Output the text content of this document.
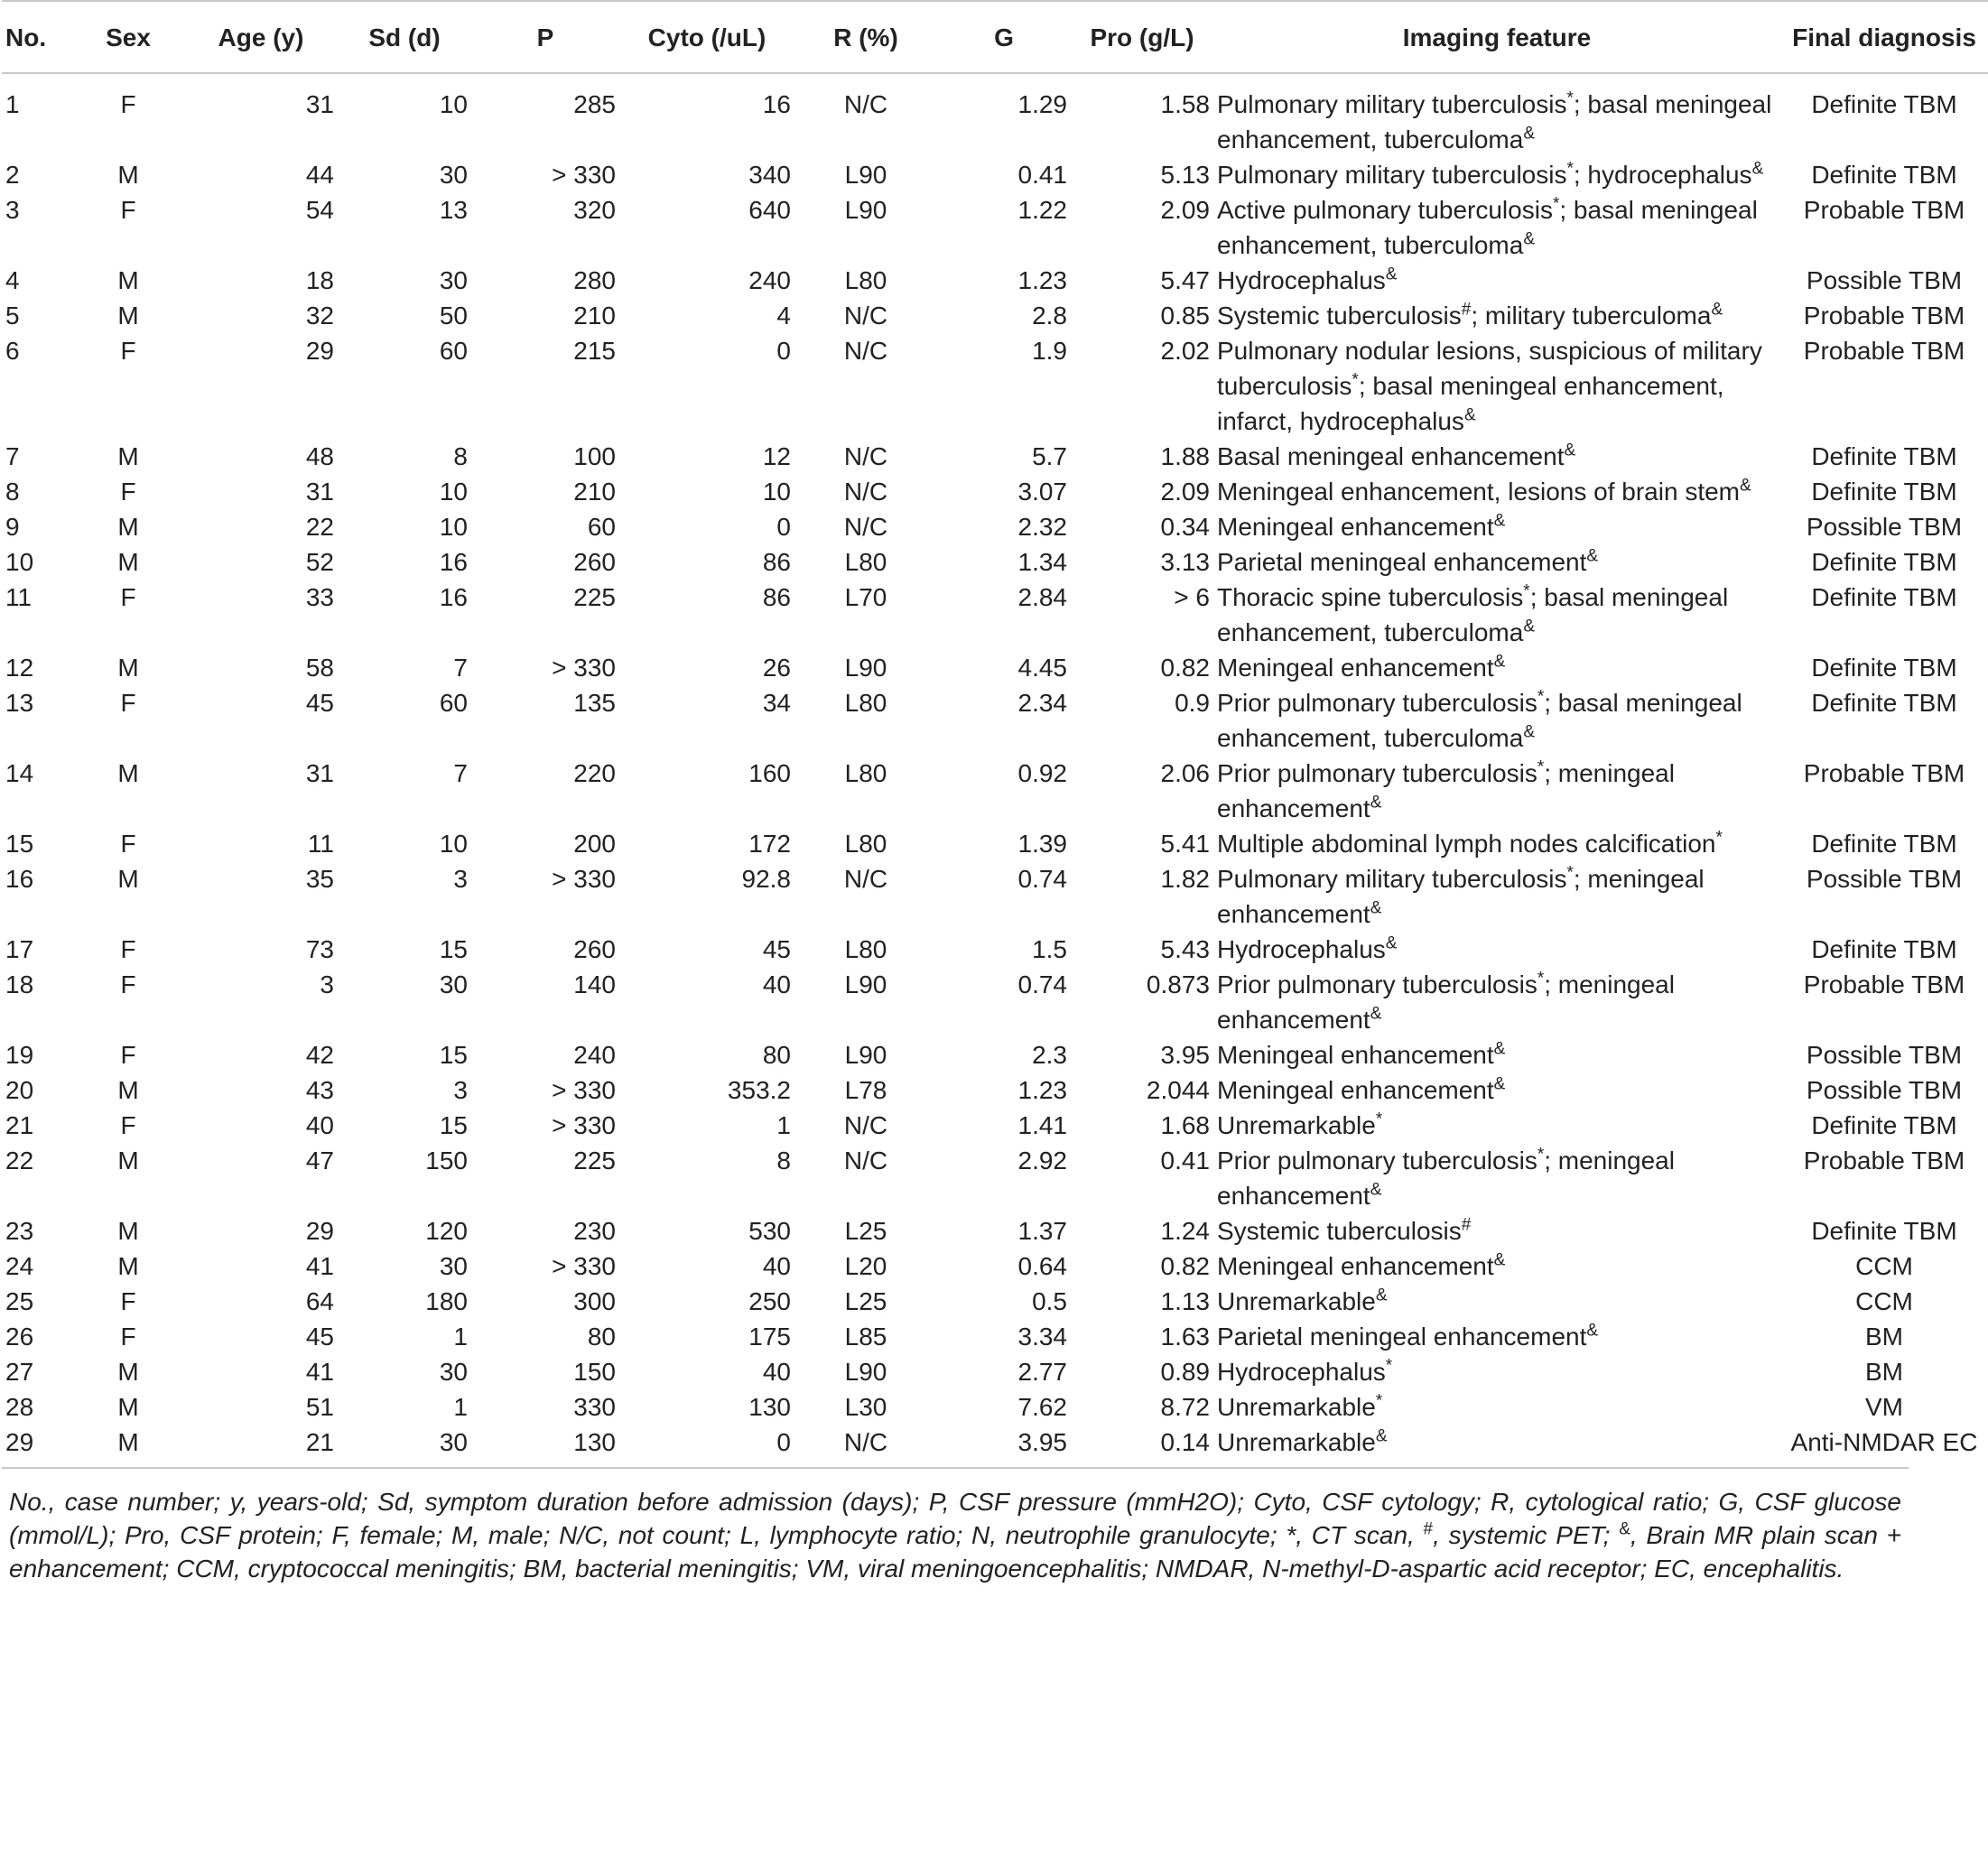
No.	Sex	Age (y)	Sd (d)	P	Cyto (/uL)	R (%)	G	Pro (g/L)	Imaging feature	Final diagnosis
1	F	31	10	285	16	N/C	1.29	1.58	Pulmonary military tuberculosis*; basal meningeal enhancement, tuberculoma&	Definite TBM
2	M	44	30	> 330	340	L90	0.41	5.13	Pulmonary military tuberculosis*; hydrocephalus&	Definite TBM
3	F	54	13	320	640	L90	1.22	2.09	Active pulmonary tuberculosis*; basal meningeal enhancement, tuberculoma&	Probable TBM
4	M	18	30	280	240	L80	1.23	5.47	Hydrocephalus&	Possible TBM
5	M	32	50	210	4	N/C	2.8	0.85	Systemic tuberculosis#; military tuberculoma&	Probable TBM
6	F	29	60	215	0	N/C	1.9	2.02	Pulmonary nodular lesions, suspicious of military tuberculosis*; basal meningeal enhancement, infarct, hydrocephalus&	Probable TBM
7	M	48	8	100	12	N/C	5.7	1.88	Basal meningeal enhancement&	Definite TBM
8	F	31	10	210	10	N/C	3.07	2.09	Meningeal enhancement, lesions of brain stem&	Definite TBM
9	M	22	10	60	0	N/C	2.32	0.34	Meningeal enhancement&	Possible TBM
10	M	52	16	260	86	L80	1.34	3.13	Parietal meningeal enhancement&	Definite TBM
11	F	33	16	225	86	L70	2.84	> 6	Thoracic spine tuberculosis*; basal meningeal enhancement, tuberculoma&	Definite TBM
12	M	58	7	> 330	26	L90	4.45	0.82	Meningeal enhancement&	Definite TBM
13	F	45	60	135	34	L80	2.34	0.9	Prior pulmonary tuberculosis*; basal meningeal enhancement, tuberculoma&	Definite TBM
14	M	31	7	220	160	L80	0.92	2.06	Prior pulmonary tuberculosis*; meningeal enhancement&	Probable TBM
15	F	11	10	200	172	L80	1.39	5.41	Multiple abdominal lymph nodes calcification*	Definite TBM
16	M	35	3	> 330	92.8	N/C	0.74	1.82	Pulmonary military tuberculosis*; meningeal enhancement&	Possible TBM
17	F	73	15	260	45	L80	1.5	5.43	Hydrocephalus&	Definite TBM
18	F	3	30	140	40	L90	0.74	0.873	Prior pulmonary tuberculosis*; meningeal enhancement&	Probable TBM
19	F	42	15	240	80	L90	2.3	3.95	Meningeal enhancement&	Possible TBM
20	M	43	3	> 330	353.2	L78	1.23	2.044	Meningeal enhancement&	Possible TBM
21	F	40	15	> 330	1	N/C	1.41	1.68	Unremarkable*	Definite TBM
22	M	47	150	225	8	N/C	2.92	0.41	Prior pulmonary tuberculosis*; meningeal enhancement&	Probable TBM
23	M	29	120	230	530	L25	1.37	1.24	Systemic tuberculosis#	Definite TBM
24	M	41	30	> 330	40	L20	0.64	0.82	Meningeal enhancement&	CCM
25	F	64	180	300	250	L25	0.5	1.13	Unremarkable&	CCM
26	F	45	1	80	175	L85	3.34	1.63	Parietal meningeal enhancement&	BM
27	M	41	30	150	40	L90	2.77	0.89	Hydrocephalus*	BM
28	M	51	1	330	130	L30	7.62	8.72	Unremarkable*	VM
29	M	21	30	130	0	N/C	3.95	0.14	Unremarkable&	Anti-NMDAR EC

No., case number; y, years-old; Sd, symptom duration before admission (days); P, CSF pressure (mmH2O); Cyto, CSF cytology; R, cytological ratio; G, CSF glucose (mmol/L); Pro, CSF protein; F, female; M, male; N/C, not count; L, lymphocyte ratio; N, neutrophile granulocyte; *, CT scan, #, systemic PET; &, Brain MR plain scan + enhancement; CCM, cryptococcal meningitis; BM, bacterial meningitis; VM, viral meningoencephalitis; NMDAR, N-methyl-D-aspartic acid receptor; EC, encephalitis.
